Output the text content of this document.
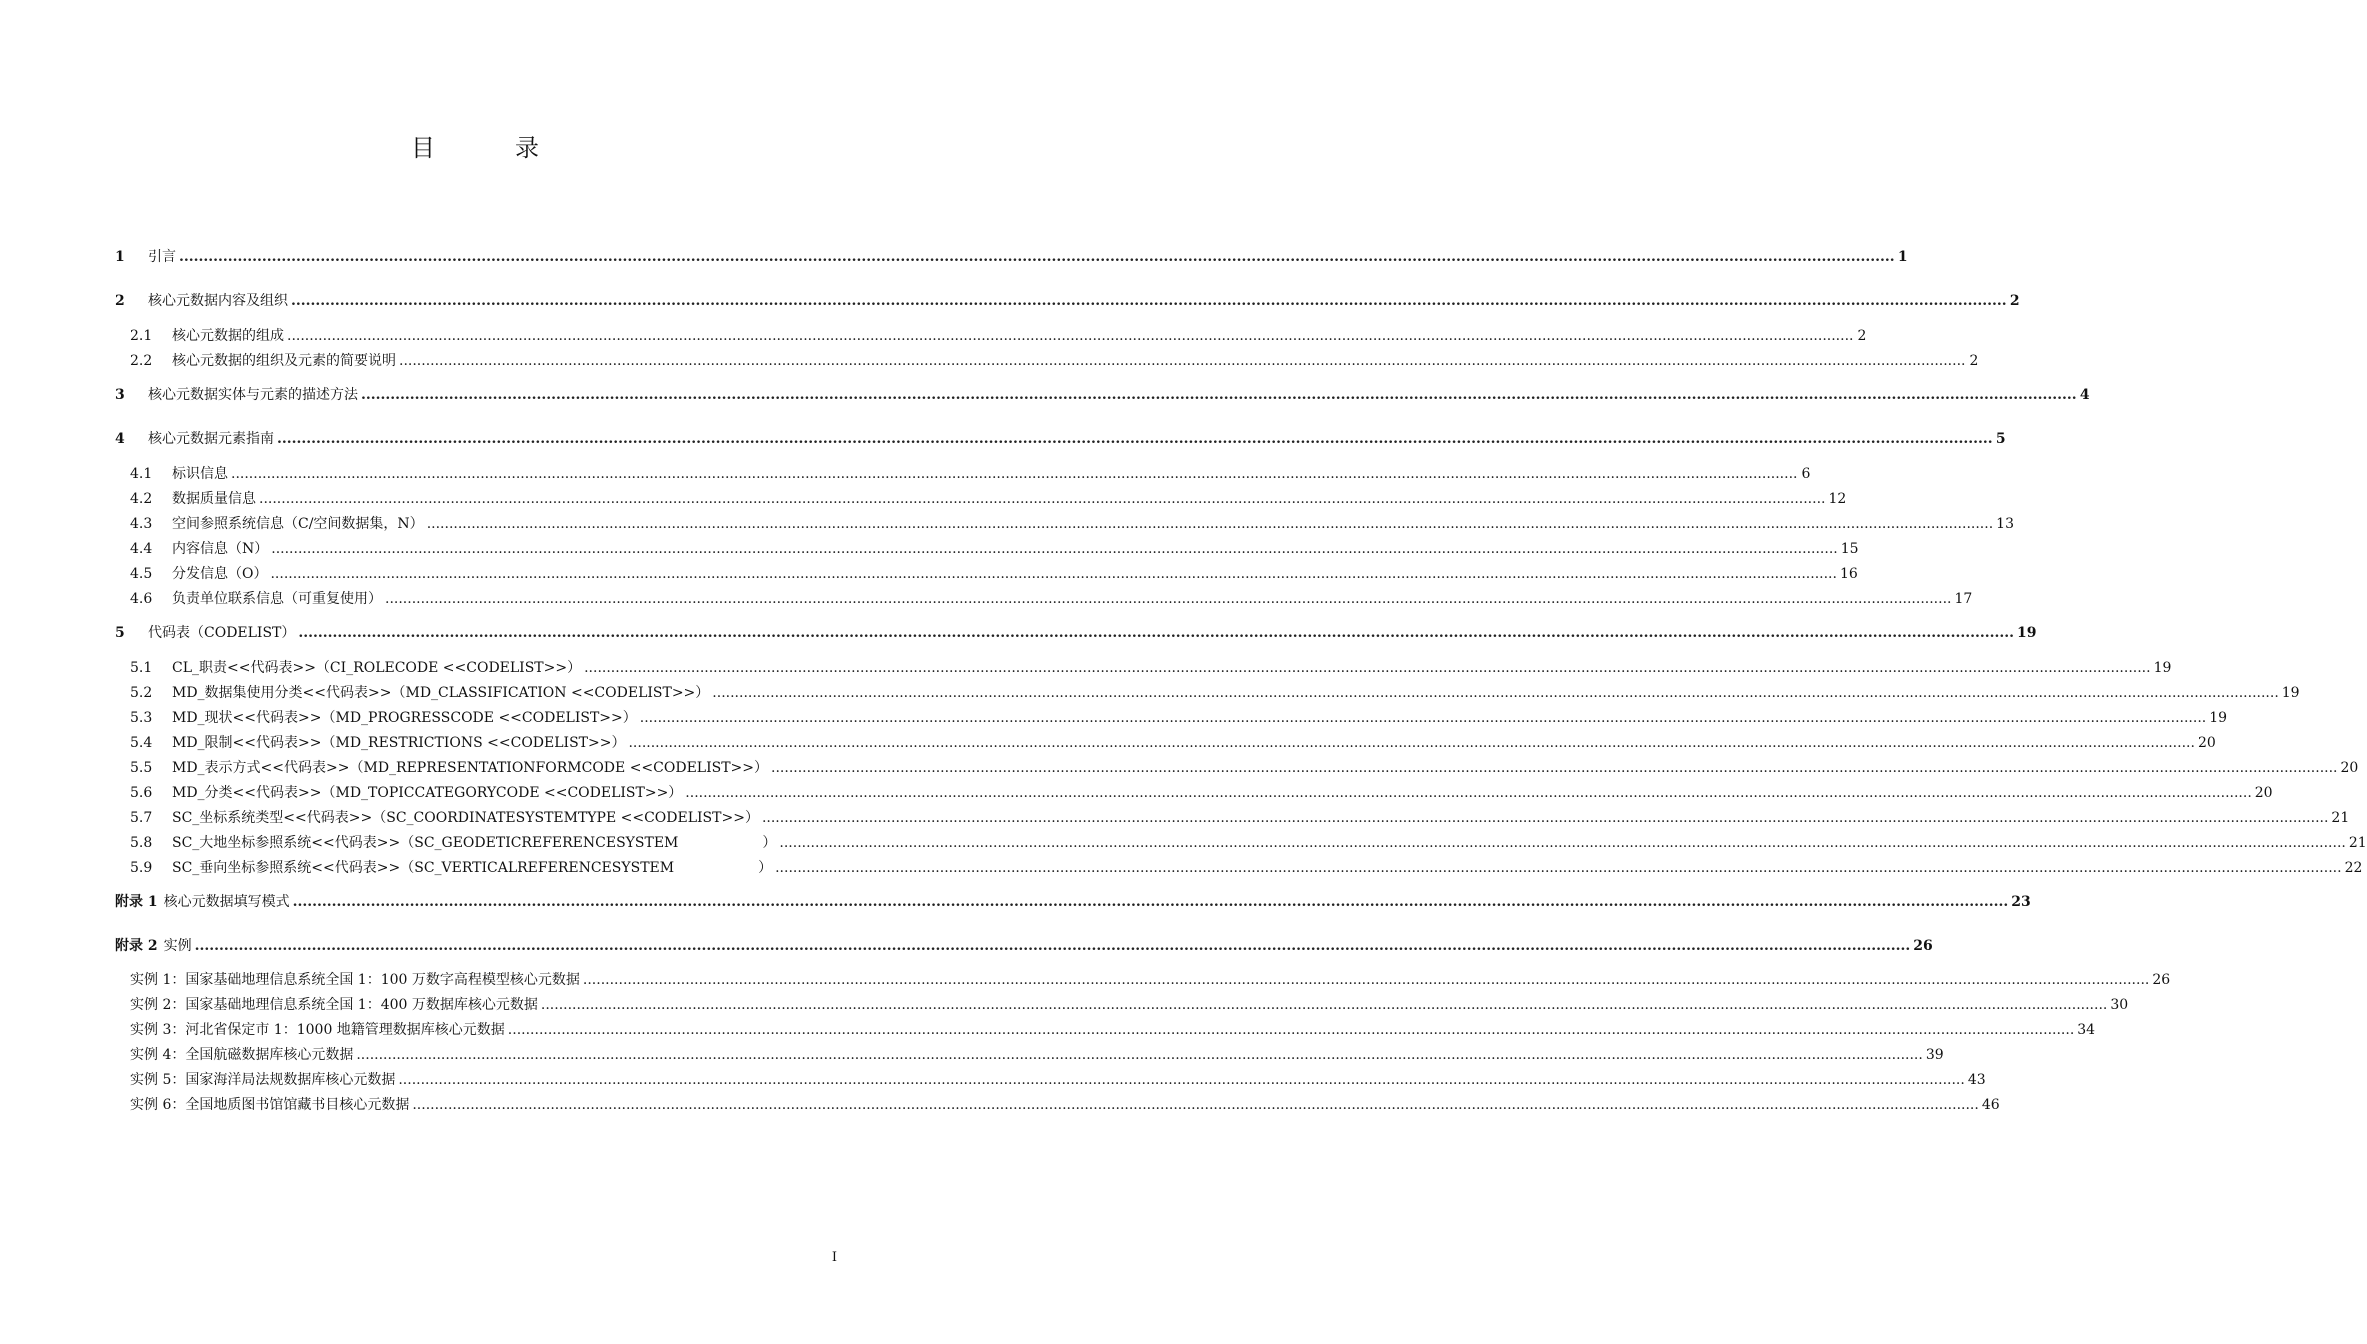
目　录
1	引言 .....	1
2	核心元数据内容及组织 .....	2
2.1	核心元数据的组成 .....	2
2.2	核心元数据的组织及元素的简要说明 .....	2
3	核心元数据实体与元素的描述方法 .....	4
4	核心元数据元素指南 .....	5
4.1	标识信息 .....	6
4.2	数据质量信息 .....	12
4.3	空间参照系统信息（C/空间数据集，N） .....	13
4.4	内容信息（N） .....	15
4.5	分发信息（O） .....	16
4.6	负责单位联系信息（可重复使用） .....	17
5	代码表（CODELIST） .....	19
5.1	CL_职责<<代码表>>（CI_ROLECODE <<CODELIST>>） .....	19
5.2	MD_数据集使用分类<<代码表>>（MD_CLASSIFICATION <<CODELIST>>） .....	19
5.3	MD_现状<<代码表>>（MD_PROGRESSCODE <<CODELIST>>） .....	19
5.4	MD_限制<<代码表>>（MD_RESTRICTIONS <<CODELIST>>） .....	20
5.5	MD_表示方式<<代码表>>（MD_REPRESENTATIONFORMCODE <<CODELIST>>） .....	20
5.6	MD_分类<<代码表>>（MD_TOPICCATEGORYCODE <<CODELIST>>） .....	20
5.7	SC_坐标系统类型<<代码表>>（SC_COORDINATESYSTEMTYPE <<CODELIST>>） .....	21
5.8	SC_大地坐标参照系统<<代码表>>（SC_GEODETICREFERENCESYSTEM　　　　　　） .....	21
5.9	SC_垂向坐标参照系统<<代码表>>（SC_VERTICALREFERENCESYSTEM　　　　　　） .....	22
附录 1 核心元数据填写模式 .....	23
附录 2 实例 .....	26
实例 1： 国家基础地理信息系统全国 1：100 万数字高程模型核心元数据 .....	26
实例 2： 国家基础地理信息系统全国 1：400 万数据库核心元数据 .....	30
实例 3： 河北省保定市 1：1000 地籍管理数据库核心元数据 .....	34
实例 4： 全国航磁数据库核心元数据 .....	39
实例 5： 国家海洋局法规数据库核心元数据 .....	43
实例 6： 全国地质图书馆馆藏书目核心元数据 .....	46
I
